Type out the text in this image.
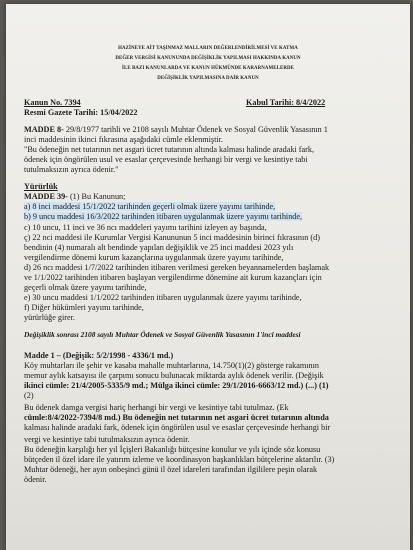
HAZİNEYE AİT TAŞINMAZ MALLARIN DEĞERLENDİRİLMESİ VE KATMA
DEĞER VERGİSİ KANUNUNDA DEĞİŞİKLİK YAPILMASI HAKKINDA KANUN
İLE BAZI KANUNLARDA VE KANUN HÜKMÜNDE KARARNAMELERDE
DEĞİŞİKLİK YAPILMASINA DAİR KANUN
Kanun No. 7394	Kabul Tarihi: 8/4/2022
Resmi Gazete Tarihi: 15/04/2022
MADDE 8- 29/8/1977 tarihli ve 2108 sayılı Muhtar Ödenek ve Sosyal Güvenlik Yasasının 1
inci maddesinin ikinci fıkrasına aşağıdaki cümle eklenmiştir.
"Bu ödeneğin net tutarının net asgari ücret tutarının altında kalması halinde aradaki fark,
ödenek için öngörülen usul ve esaslar çerçevesinde herhangi bir vergi ve kesintiye tabi
tutulmaksızın ayrıca ödenir."
Yürürlük
MADDE 39- (1) Bu Kanunun;
a) 8 inci maddesi 15/1/2022 tarihinden geçerli olmak üzere yayımı tarihinde,
b) 9 uncu maddesi 16/3/2022 tarihinden itibaren uygulanmak üzere yayımı tarihinde,
c) 10 uncu, 11 inci ve 36 ncı maddeleri yayımı tarihini izleyen ay başında,
ç) 22 nci maddesi ile Kurumlar Vergisi Kanununun 5 inci maddesinin birinci fıkrasının (d)
bendinin (4) numaralı alt bendinde yapılan değişiklik ve 25 inci maddesi 2023 yılı
vergilendirme dönemi kurum kazançlarına uygulanmak üzere yayımı tarihinde,
d) 26 ncı maddesi 1/7/2022 tarihinden itibaren verilmesi gereken beyannamelerden başlamak
ve 1/1/2022 tarihinden itibaren başlayan vergilendirme dönemine ait kurum kazançları için
geçerli olmak üzere yayımı tarihinde,
e) 30 uncu maddesi 1/1/2022 tarihinden itibaren uygulanmak üzere yayımı tarihinde,
f) Diğer hükümleri yayımı tarihinde,
yürürlüğe girer.
Değişiklik sonrası 2108 sayılı Muhtar Ödenek ve Sosyal Güvenlik Yasasının 1'inci maddesi
Madde 1 – (Değişik: 5/2/1998 - 4336/1 md.)
Köy muhtarları ile şehir ve kasaba mahalle muhtarlarına, 14.750(1)(2) gösterge rakamının
memur aylık katsayısı ile çarpımı sonucu bulunacak miktarda aylık ödenek verilir. (Değişik
ikinci cümle: 21/4/2005-5335/9 md.; Mülga ikinci cümle: 29/1/2016-6663/12 md.) (...) (1)
(2)
Bu ödenek damga vergisi hariç herhangi bir vergi ve kesintiye tabi tutulmaz. (Ek
cümle:8/4/2022-7394/8 md.) Bu ödeneğin net tutarının net asgari ücret tutarının altında
kalması halinde aradaki fark, ödenek için öngörülen usul ve esaslar çerçevesinde herhangi bir
vergi ve kesintiye tabi tutulmaksızın ayrıca ödenir.
Bu ödeneğin karşılığı her yıl İçişleri Bakanlığı bütçesine konulur ve yılı içinde söz konusu
bütçeden il özel idare ile yatırım izleme ve koordinasyon başkanlıkları bütçelerine aktarılır. (3)
Muhtar ödeneği, her ayın onbeşinci günü il özel idareleri tarafından ilgililere peşin olarak
ödenir.
